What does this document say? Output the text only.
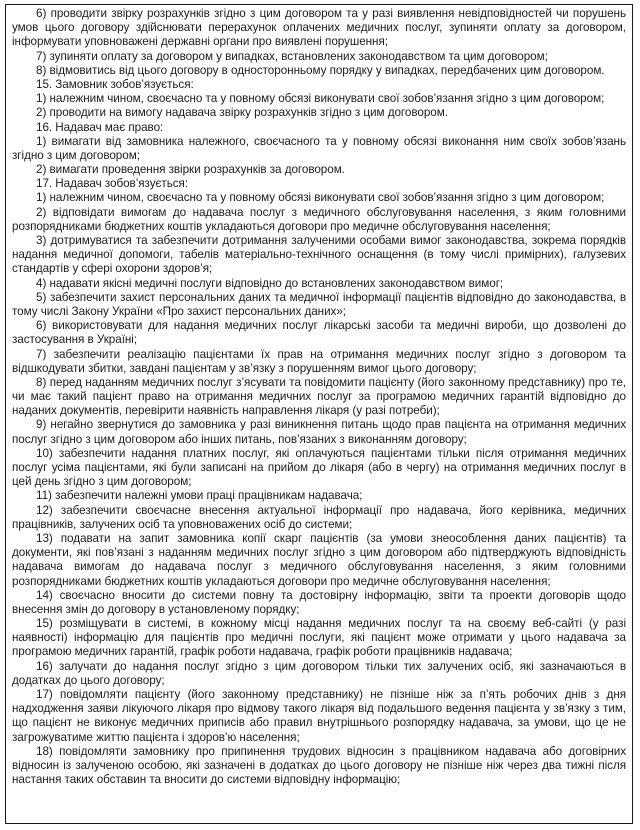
6) проводити звірку розрахунків згідно з цим договором та у разі виявлення невідповідностей чи порушень умов цього договору здійснювати перерахунок оплачених медичних послуг, зупиняти оплату за договором, інформувати уповноважені державні органи про виявлені порушення;

7) зупиняти оплату за договором у випадках, встановлених законодавством та цим договором;

8) відмовитись від цього договору в односторонньому порядку у випадках, передбачених цим договором.

15. Замовник зобов’язується:

1) належним чином, своєчасно та у повному обсязі виконувати свої зобов’язання згідно з цим договором;

2) проводити на вимогу надавача звірку розрахунків згідно з цим договором.

16. Надавач має право:

1) вимагати від замовника належного, своєчасного та у повному обсязі виконання ним своїх зобов’язань згідно з цим договором;

2) вимагати проведення звірки розрахунків за договором.

17. Надавач зобов’язується:

1) належним чином, своєчасно та у повному обсязі виконувати свої зобов’язання згідно з цим договором;

2) відповідати вимогам до надавача послуг з медичного обслуговування населення, з яким головними розпорядниками бюджетних коштів укладаються договори про медичне обслуговування населення;

3) дотримуватися та забезпечити дотримання залученими особами вимог законодавства, зокрема порядків надання медичної допомоги, табелів матеріально-технічного оснащення (в тому числі примірних), галузевих стандартів у сфері охорони здоров’я;

4) надавати якісні медичні послуги відповідно до встановлених законодавством вимог;

5) забезпечити захист персональних даних та медичної інформації пацієнтів відповідно до законодавства, в тому числі Закону України «Про захист персональних даних»;

6) використовувати для надання медичних послуг лікарські засоби та медичні вироби, що дозволені до застосування в Україні;

7) забезпечити реалізацію пацієнтами їх прав на отримання медичних послуг згідно з договором та відшкодувати збитки, завдані пацієнтам у зв’язку з порушенням вимог цього договору;

8) перед наданням медичних послуг з’ясувати та повідомити пацієнту (його законному представнику) про те, чи має такий пацієнт право на отримання медичних послуг за програмою медичних гарантій відповідно до наданих документів, перевірити наявність направлення лікаря (у разі потреби);

9) негайно звернутися до замовника у разі виникнення питань щодо прав пацієнта на отримання медичних послуг згідно з цим договором або інших питань, пов’язаних з виконанням договору;

10) забезпечити надання платних послуг, які оплачуються пацієнтами тільки після отримання медичних послуг усіма пацієнтами, які були записані на прийом до лікаря (або в чергу) на отримання медичних послуг в цей день згідно з цим договором;

11) забезпечити належні умови праці працівникам надавача;

12) забезпечити своєчасне внесення актуальної інформації про надавача, його керівника, медичних працівників, залучених осіб та уповноважених осіб до системи;

13) подавати на запит замовника копії скарг пацієнтів (за умови знеособлення даних пацієнтів) та документи, які пов’язані з наданням медичних послуг згідно з цим договором або підтверджують відповідність надавача вимогам до надавача послуг з медичного обслуговування населення, з яким головними розпорядниками бюджетних коштів укладаються договори про медичне обслуговування населення;

14) своєчасно вносити до системи повну та достовірну інформацію, звіти та проекти договорів щодо внесення змін до договору в установленому порядку;

15) розміщувати в системі, в кожному місці надання медичних послуг та на своєму веб-сайті (у разі наявності) інформацію для пацієнтів про медичні послуги, які пацієнт може отримати у цього надавача за програмою медичних гарантій, графік роботи надавача, графік роботи працівників надавача;

16) залучати до надання послуг згідно з цим договором тільки тих залучених осіб, які зазначаються в додатках до цього договору;

17) повідомляти пацієнту (його законному представнику) не пізніше ніж за п’ять робочих днів з дня надходження заяви лікуючого лікаря про відмову такого лікаря від подальшого ведення пацієнта у зв’язку з тим, що пацієнт не виконує медичних приписів або правил внутрішнього розпорядку надавача, за умови, що це не загрожуватиме життю пацієнта і здоров’ю населення;

18) повідомляти замовнику про припинення трудових відносин з працівником надавача або договірних відносин із залученою особою, які зазначені в додатках до цього договору не пізніше ніж через два тижні після настання таких обставин та вносити до системи відповідну інформацію;
